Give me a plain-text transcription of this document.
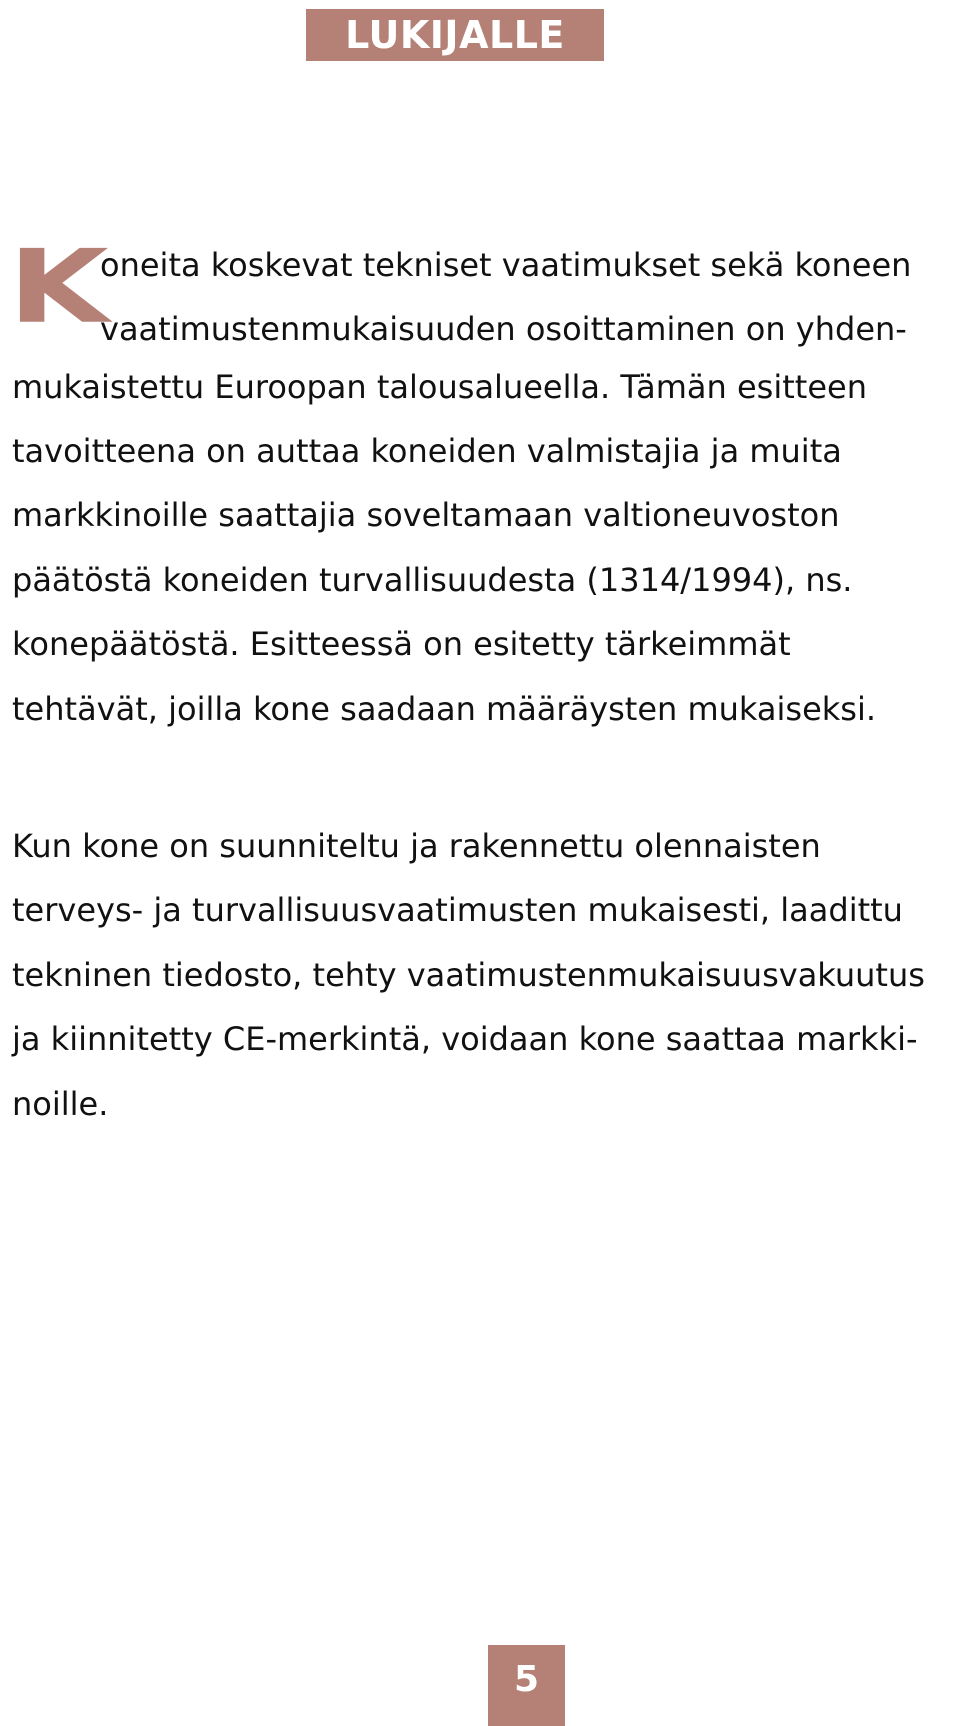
LUKIJALLE
K
oneita koskevat tekniset vaatimukset sekä koneen
vaatimustenmukaisuuden osoittaminen on yhden-
mukaistettu Euroopan talousalueella. Tämän esitteen
tavoitteena on auttaa koneiden valmistajia ja muita
markkinoille saattajia soveltamaan valtioneuvoston
päätöstä koneiden turvallisuudesta (1314/1994), ns.
konepäätöstä. Esitteessä on esitetty tärkeimmät
tehtävät, joilla kone saadaan määräysten mukaiseksi.
Kun kone on suunniteltu ja rakennettu olennaisten
terveys- ja turvallisuusvaatimusten mukaisesti, laadittu
tekninen tiedosto, tehty vaatimustenmukaisuusvakuutus
ja kiinnitetty CE-merkintä, voidaan kone saattaa markki-
noille.
5
